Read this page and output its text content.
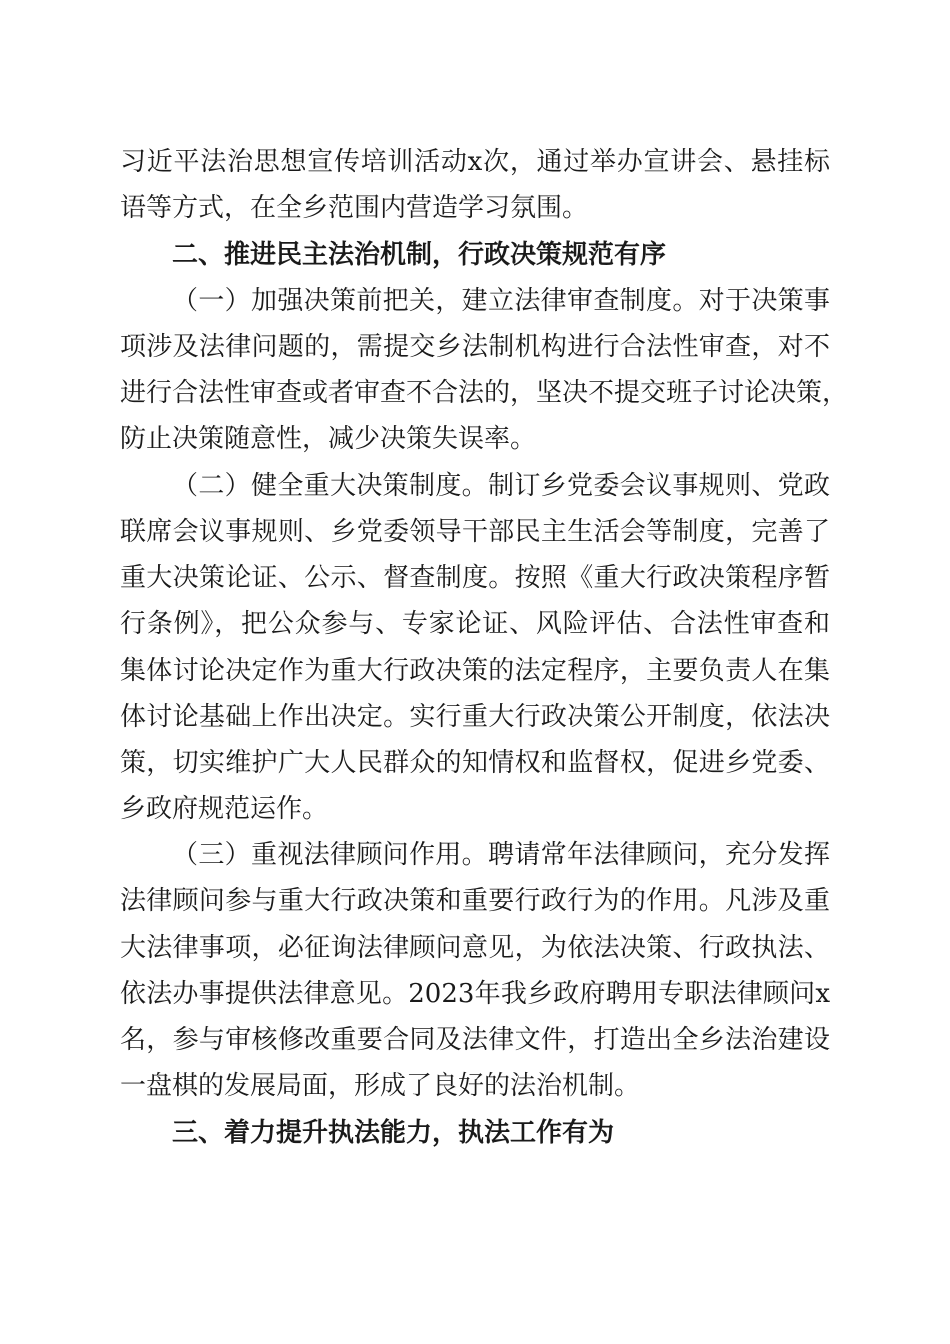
习近平法治思想宣传培训活动x次，通过举办宣讲会、悬挂标
语等方式，在全乡范围内营造学习氛围。
二、推进民主法治机制，行政决策规范有序
（一）加强决策前把关，建立法律审查制度。对于决策事
项涉及法律问题的，需提交乡法制机构进行合法性审查，对不
进行合法性审查或者审查不合法的，坚决不提交班子讨论决策，
防止决策随意性，减少决策失误率。
（二）健全重大决策制度。制订乡党委会议事规则、党政
联席会议事规则、乡党委领导干部民主生活会等制度，完善了
重大决策论证、公示、督查制度。按照《重大行政决策程序暂
行条例》，把公众参与、专家论证、风险评估、合法性审查和
集体讨论决定作为重大行政决策的法定程序，主要负责人在集
体讨论基础上作出决定。实行重大行政决策公开制度，依法决
策，切实维护广大人民群众的知情权和监督权，促进乡党委、
乡政府规范运作。
（三）重视法律顾问作用。聘请常年法律顾问，充分发挥
法律顾问参与重大行政决策和重要行政行为的作用。凡涉及重
大法律事项，必征询法律顾问意见，为依法决策、行政执法、
依法办事提供法律意见。2023年我乡政府聘用专职法律顾问x
名，参与审核修改重要合同及法律文件，打造出全乡法治建设
一盘棋的发展局面，形成了良好的法治机制。
三、着力提升执法能力，执法工作有为
